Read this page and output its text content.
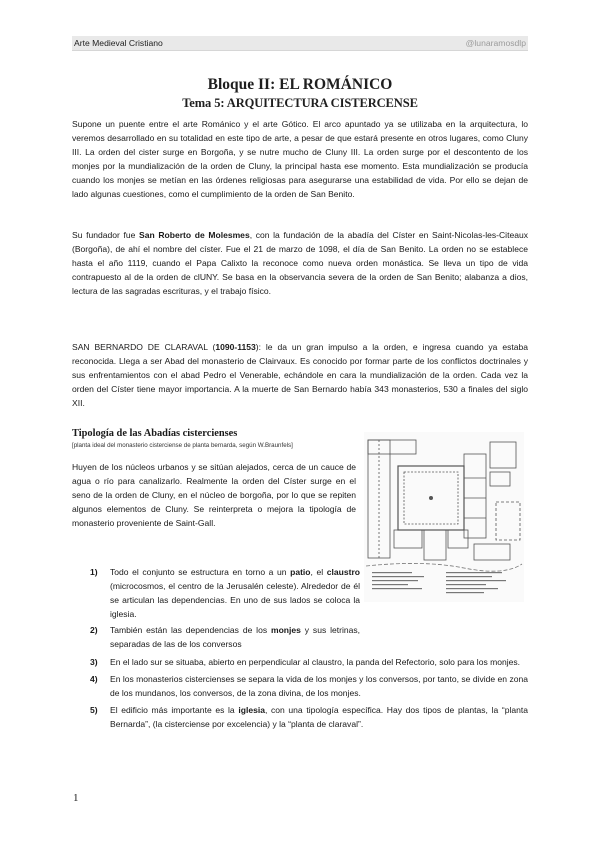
Arte Medieval Cristiano	@lunaramosdlp
Bloque II: EL ROMÁNICO
Tema 5: ARQUITECTURA CISTERCENSE

Supone un puente entre el arte Románico y el arte Gótico. El arco apuntado ya se utilizaba en la arquitectura, lo veremos desarrollado en su totalidad en este tipo de arte, a pesar de que estará presente en otros lugares, como Cluny III. La orden del cister surge en Borgoña, y se nutre mucho de Cluny III. La orden surge por el descontento de los monjes por la mundialización de la orden de Cluny, la principal hasta ese momento. Esta mundialización se producía cuando los monjes se metían en las órdenes religiosas para asegurarse una estabilidad de vida. Por ello se dejan de lado algunas cuestiones, como el cumplimiento de la orden de San Benito.

Su fundador fue San Roberto de Molesmes, con la fundación de la abadía del Císter en Saint-Nicolas-les-Citeaux (Borgoña), de ahí el nombre del císter. Fue el 21 de marzo de 1098, el día de San Benito. La orden no se establece hasta el año 1119, cuando el Papa Calixto la reconoce como nueva orden monástica. Se lleva un tipo de vida contrapuesto al de la orden de clUNY. Se basa en la observancia severa de la orden de San Benito; alabanza a dios, lectura de las sagradas escrituras, y el trabajo físico.

SAN BERNARDO DE CLARAVAL (1090-1153): le da un gran impulso a la orden, e ingresa cuando ya estaba reconocida. Llega a ser Abad del monasterio de Clairvaux. Es conocido por formar parte de los conflictos doctrinales y sus enfrentamientos con el abad Pedro el Venerable, echándole en cara la mundialización de la orden. Cada vez la orden del Císter tiene mayor importancia. A la muerte de San Bernardo había 343 monasterios, 530 a finales del siglo XII.

Tipología de las Abadías cistercienses
[planta ideal del monasterio cisterciense de planta bernarda, según W.Braunfels]

Huyen de los núcleos urbanos y se sitúan alejados, cerca de un cauce de agua o río para canalizarlo. Realmente la orden del Císter surge en el seno de la orden de Cluny, en el núcleo de borgoña, por lo que se repiten algunos elementos de Cluny. Se reinterpreta o mejora la tipología de monasterio proveniente de Saint-Gall.

1) Todo el conjunto se estructura en torno a un patio, el claustro (microcosmos, el centro de la Jerusalén celeste). Alrededor de él se articulan las dependencias. En uno de sus lados se coloca la iglesia.
2) También están las dependencias de los monjes y sus letrinas, separadas de las de los conversos
3) En el lado sur se situaba, abierto en perpendicular al claustro, la panda del Refectorio, solo para los monjes.
4) En los monasterios cistercienses se separa la vida de los monjes y los conversos, por tanto, se divide en zona de los mundanos, los conversos, de la zona divina, de los monjes.
5) El edificio más importante es la iglesia, con una tipología específica. Hay dos tipos de plantas, la “planta Bernarda”, (la cisterciense por excelencia) y la “planta de claraval”.
1
